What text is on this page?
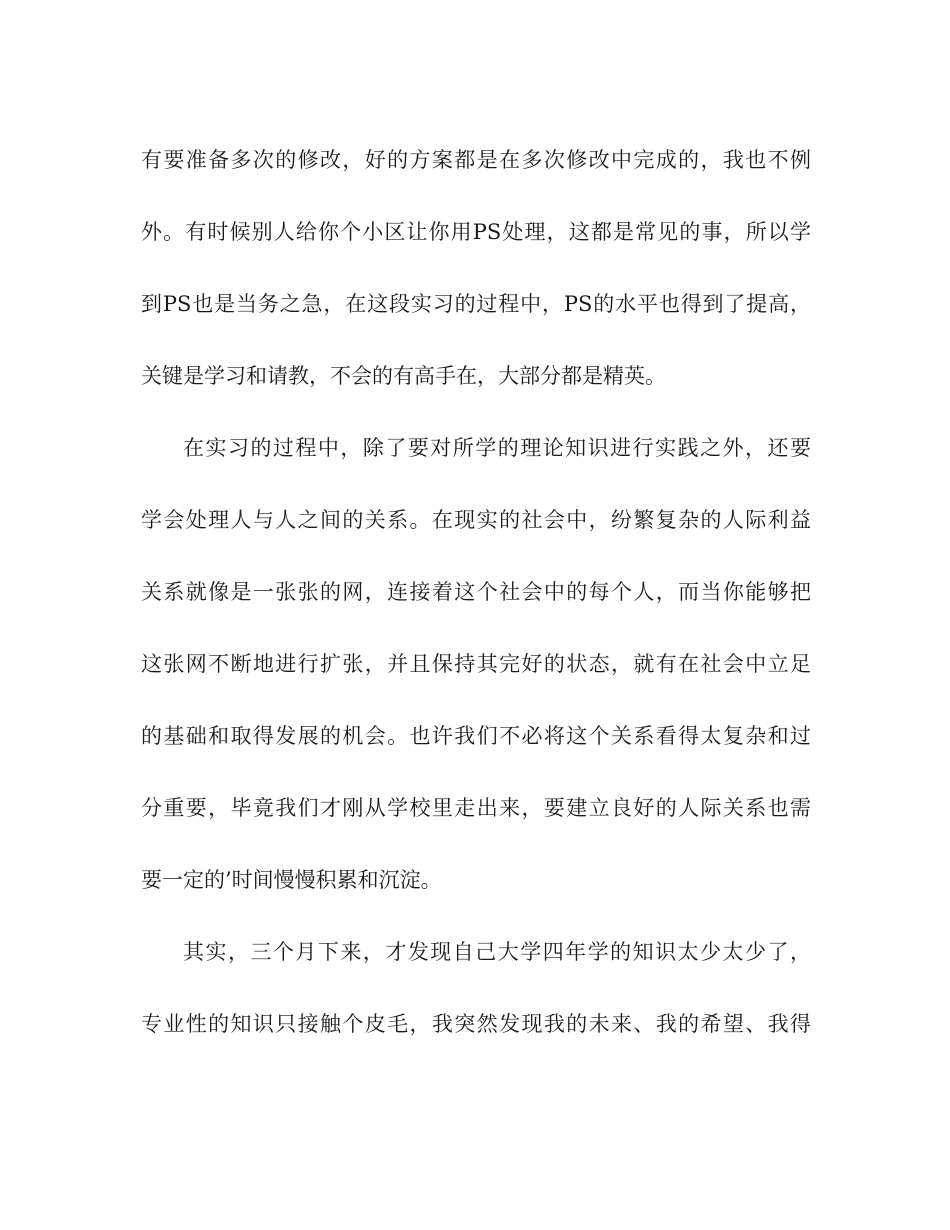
有要准备多次的修改，好的方案都是在多次修改中完成的，我也不例
外。有时候别人给你个小区让你用PS处理，这都是常见的事，所以学
到PS也是当务之急，在这段实习的过程中，PS的水平也得到了提高，
关键是学习和请教，不会的有高手在，大部分都是精英。
在实习的过程中，除了要对所学的理论知识进行实践之外，还要
学会处理人与人之间的关系。在现实的社会中，纷繁复杂的人际利益
关系就像是一张张的网，连接着这个社会中的每个人，而当你能够把
这张网不断地进行扩张，并且保持其完好的状态，就有在社会中立足
的基础和取得发展的机会。也许我们不必将这个关系看得太复杂和过
分重要，毕竟我们才刚从学校里走出来，要建立良好的人际关系也需
要一定的’时间慢慢积累和沉淀。
其实，三个月下来，才发现自己大学四年学的知识太少太少了，
专业性的知识只接触个皮毛，我突然发现我的未来、我的希望、我得
